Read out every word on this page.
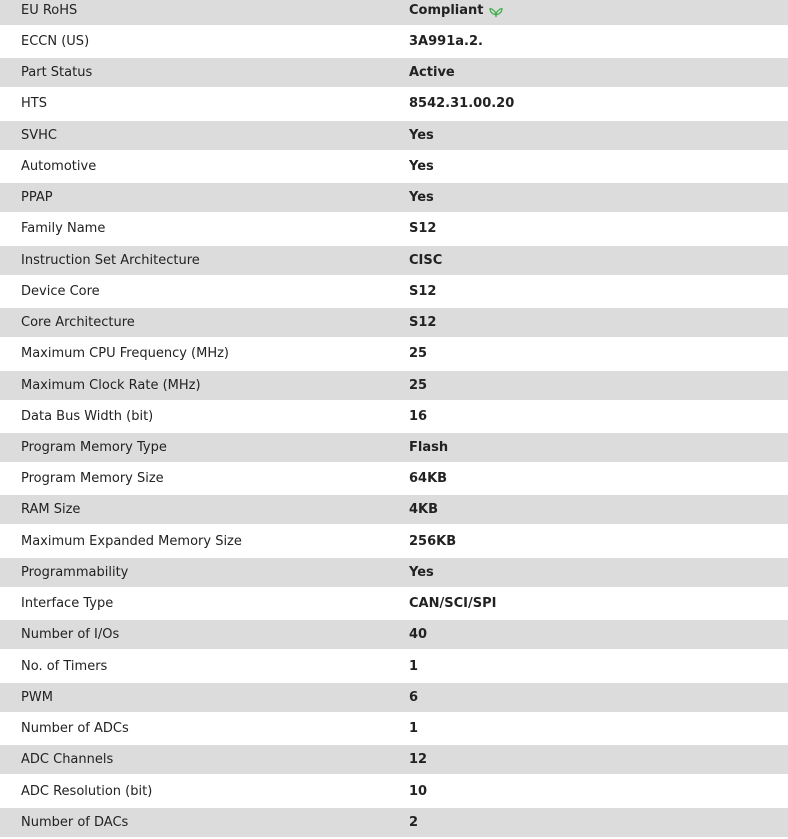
EU RoHS	Compliant
ECCN (US)	3A991a.2.
Part Status	Active
HTS	8542.31.00.20
SVHC	Yes
Automotive	Yes
PPAP	Yes
Family Name	S12
Instruction Set Architecture	CISC
Device Core	S12
Core Architecture	S12
Maximum CPU Frequency (MHz)	25
Maximum Clock Rate (MHz)	25
Data Bus Width (bit)	16
Program Memory Type	Flash
Program Memory Size	64KB
RAM Size	4KB
Maximum Expanded Memory Size	256KB
Programmability	Yes
Interface Type	CAN/SCI/SPI
Number of I/Os	40
No. of Timers	1
PWM	6
Number of ADCs	1
ADC Channels	12
ADC Resolution (bit)	10
Number of DACs	2
